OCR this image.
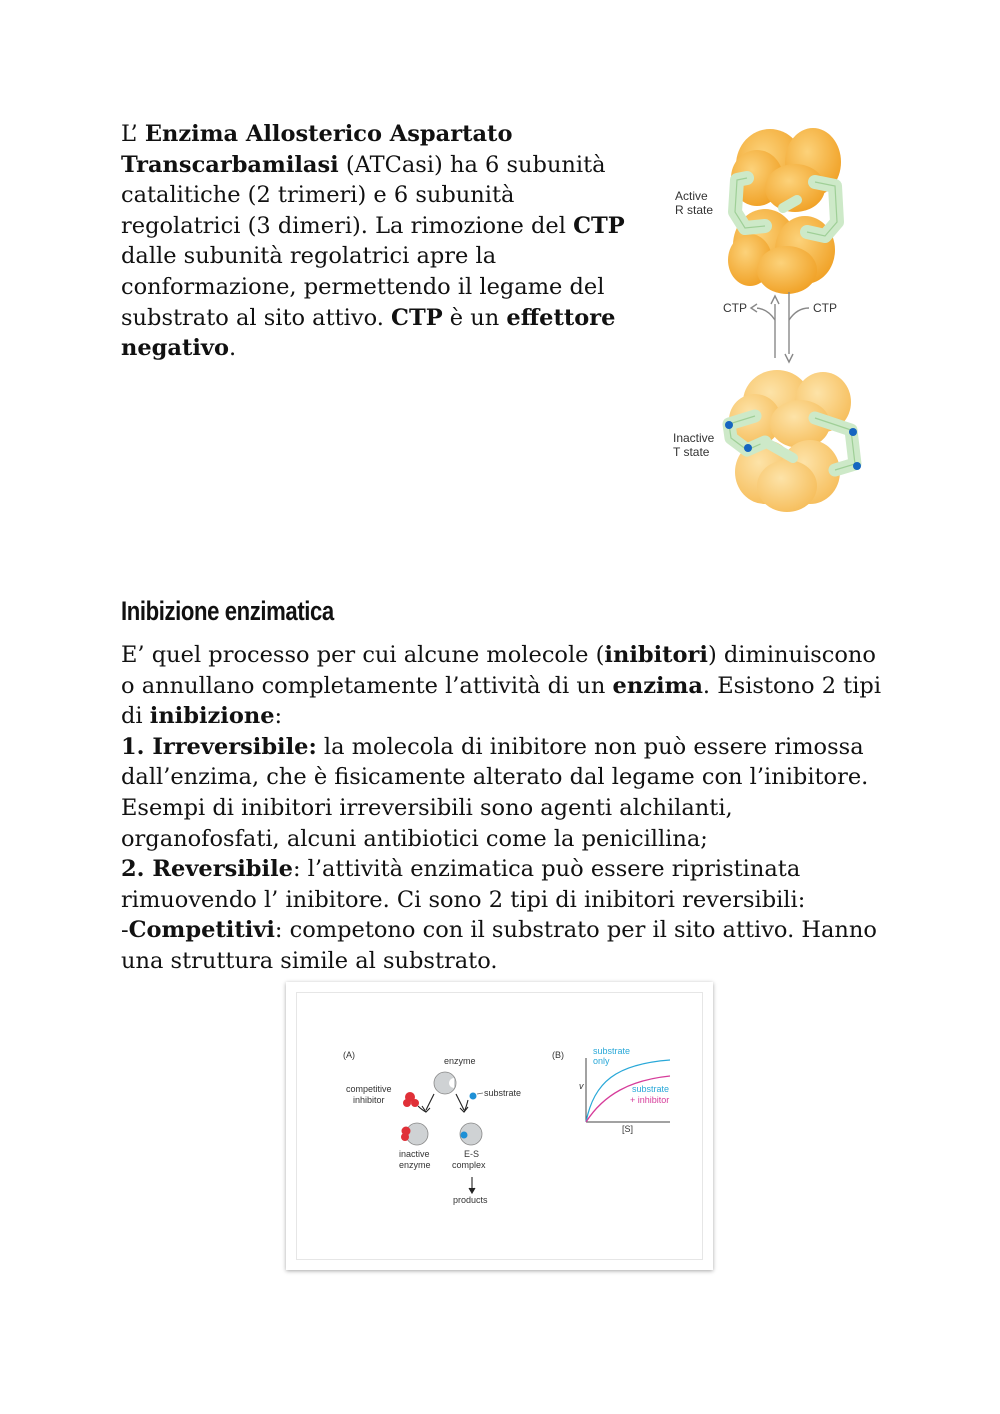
L’ Enzima Allosterico Aspartato Transcarbamilasi (ATCasi) ha 6 subunità catalitiche (2 trimeri) e 6 subunità regolatrici (3 dimeri). La rimozione del CTP dalle subunità regolatrici apre la conformazione, permettendo il legame del substrato al sito attivo. CTP è un effettore negativo.
Active
R state
CTP	CTP
Inactive
T state
Inibizione enzimatica
E’ quel processo per cui alcune molecole (inibitori) diminuiscono o annullano completamente l’attività di un enzima. Esistono 2 tipi di inibizione:
1. Irreversibile: la molecola di inibitore non può essere rimossa dall’enzima, che è fisicamente alterato dal legame con l’inibitore. Esempi di inibitori irreversibili sono agenti alchilanti, organofosfati, alcuni antibiotici come la penicillina;
2. Reversibile: l’attività enzimatica può essere ripristinata rimuovendo l’ inibitore. Ci sono 2 tipi di inibitori reversibili:
-Competitivi: competono con il substrato per il sito attivo. Hanno una struttura simile al substrato.
(A)
enzyme
substrate
competitive
inhibitor
inactive
enzyme
E-S
complex
products
(B)
v
[S]
substrate
only
substrate
+ inhibitor
